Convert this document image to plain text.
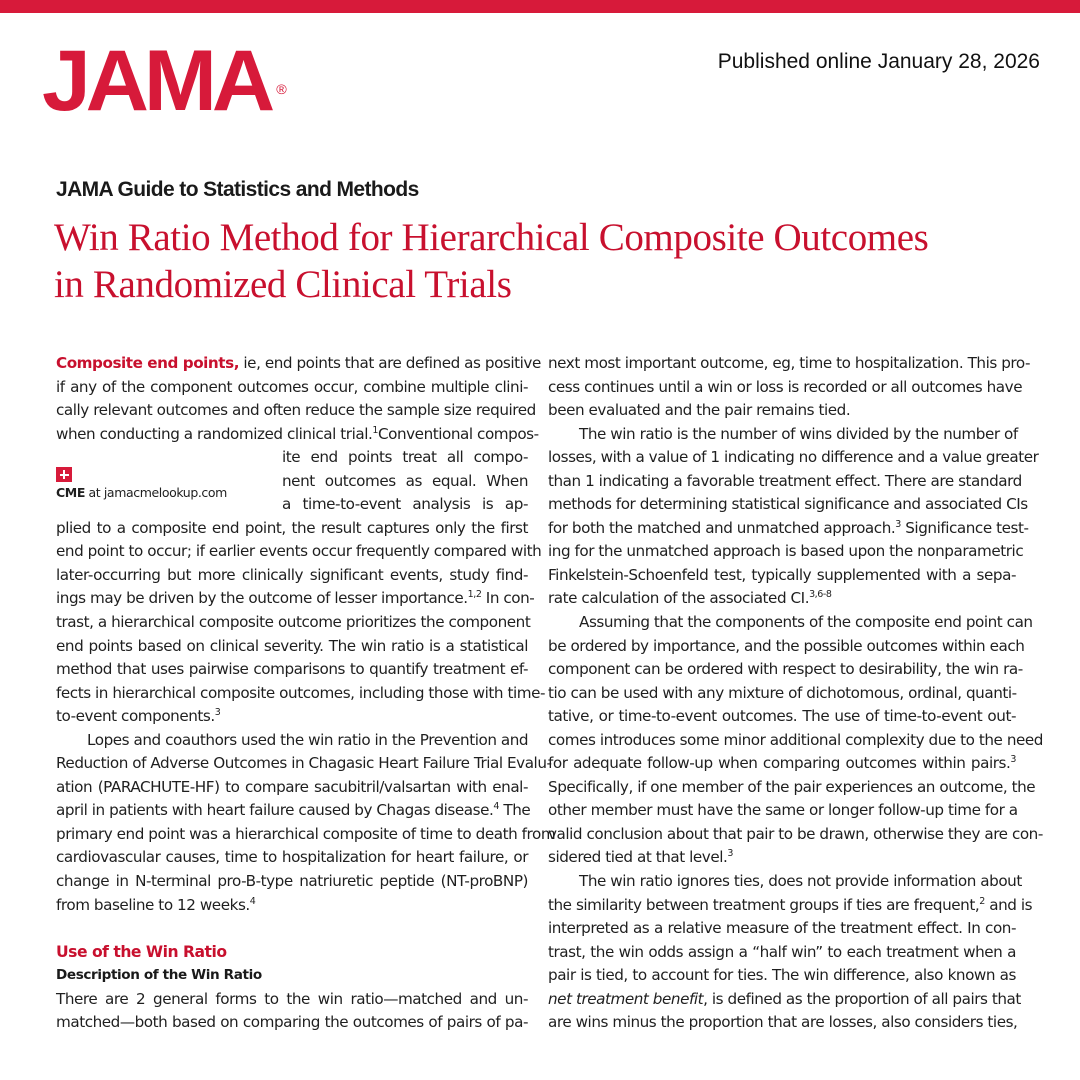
JAMA ®
Published online January 28, 2026
JAMA Guide to Statistics and Methods
Win Ratio Method for Hierarchical Composite Outcomes
in Randomized Clinical Trials
CME at jamacmelookup.com
Composite end points, ie, end points that are defined as positive
if any of the component outcomes occur, combine multiple clini-
cally relevant outcomes and often reduce the sample size required
when conducting a randomized clinical trial.$^1$Conventional compos-
ite end points treat all compo-
nent outcomes as equal. When
a time-to-event analysis is ap-
plied to a composite end point, the result captures only the first
end point to occur; if earlier events occur frequently compared with
later-occurring but more clinically significant events, study find-
ings may be driven by the outcome of lesser importance.$^{1,2}$ In con-
trast, a hierarchical composite outcome prioritizes the component
end points based on clinical severity. The win ratio is a statistical
method that uses pairwise comparisons to quantify treatment ef-
fects in hierarchical composite outcomes, including those with time-
to-event components.$^3$
Lopes and coauthors used the win ratio in the Prevention and
Reduction of Adverse Outcomes in Chagasic Heart Failure Trial Evalu-
ation (PARACHUTE-HF) to compare sacubitril/valsartan with enal-
april in patients with heart failure caused by Chagas disease.$^4$ The
primary end point was a hierarchical composite of time to death from
cardiovascular causes, time to hospitalization for heart failure, or
change in N-terminal pro-B-type natriuretic peptide (NT-proBNP)
from baseline to 12 weeks.$^4$
Use of the Win Ratio
Description of the Win Ratio
There are 2 general forms to the win ratio—matched and un-
matched—both based on comparing the outcomes of pairs of pa-
next most important outcome, eg, time to hospitalization. This pro-
cess continues until a win or loss is recorded or all outcomes have
been evaluated and the pair remains tied.
The win ratio is the number of wins divided by the number of
losses, with a value of 1 indicating no difference and a value greater
than 1 indicating a favorable treatment effect. There are standard
methods for determining statistical significance and associated CIs
for both the matched and unmatched approach.$^3$ Significance test-
ing for the unmatched approach is based upon the nonparametric
Finkelstein-Schoenfeld test, typically supplemented with a sepa-
rate calculation of the associated CI.$^{3,6-8}$
Assuming that the components of the composite end point can
be ordered by importance, and the possible outcomes within each
component can be ordered with respect to desirability, the win ra-
tio can be used with any mixture of dichotomous, ordinal, quanti-
tative, or time-to-event outcomes. The use of time-to-event out-
comes introduces some minor additional complexity due to the need
for adequate follow-up when comparing outcomes within pairs.$^3$
Specifically, if one member of the pair experiences an outcome, the
other member must have the same or longer follow-up time for a
valid conclusion about that pair to be drawn, otherwise they are con-
sidered tied at that level.$^3$
The win ratio ignores ties, does not provide information about
the similarity between treatment groups if ties are frequent,$^2$ and is
interpreted as a relative measure of the treatment effect. In con-
trast, the win odds assign a “half win” to each treatment when a
pair is tied, to account for ties. The win difference, also known as
net treatment benefit, is defined as the proportion of all pairs that
are wins minus the proportion that are losses, also considers ties,
